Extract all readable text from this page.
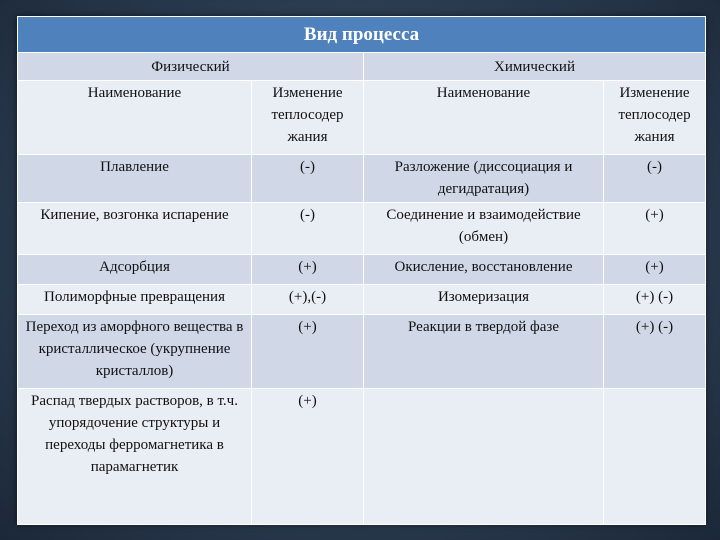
Вид процесса			
Физический		Химический	
Наименование	Изменение теплосодер жания	Наименование	Изменение теплосодер жания
Плавление	(-)	Разложение (диссоциация и дегидратация)	(-)
Кипение, возгонка испарение	(-)	Соединение и взаимодействие (обмен)	(+)
Адсорбция	(+)	Окисление, восстановление	(+)
Полиморфные превращения	(+),(-)	Изомеризация	(+) (-)
Переход из аморфного вещества в кристаллическое (укрупнение кристаллов)	(+)	Реакции в твердой фазе	(+) (-)
Распад твердых растворов, в т.ч. упорядочение структуры и переходы ферромагнетика в парамагнетик	(+)		
